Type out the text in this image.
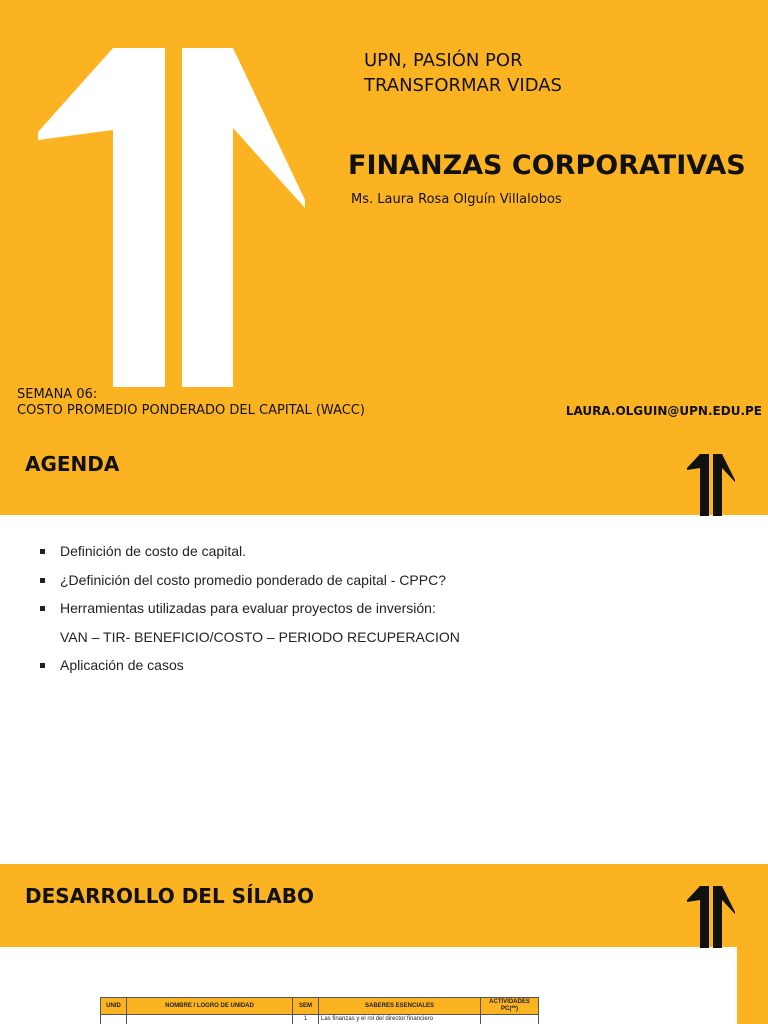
UPN, PASIÓN POR
TRANSFORMAR VIDAS
FINANZAS CORPORATIVAS
Ms. Laura Rosa Olguín Villalobos
SEMANA 06:
COSTO PROMEDIO PONDERADO DEL CAPITAL (WACC)	LAURA.OLGUIN@UPN.EDU.PE
AGENDA
Definición de costo de capital.
¿Definición del costo promedio ponderado de capital - CPPC?
Herramientas utilizadas para evaluar proyectos de inversión:
VAN – TIR- BENEFICIO/COSTO – PERIODO RECUPERACION
Aplicación de casos
DESARROLLO DEL SÍLABO
UNID	NOMBRE / LOGRO DE UNIDAD	SEM	SABERES ESENCIALES	ACTIVIDADES PC(**)
		1	Las finanzas y el rol del director financiero	
